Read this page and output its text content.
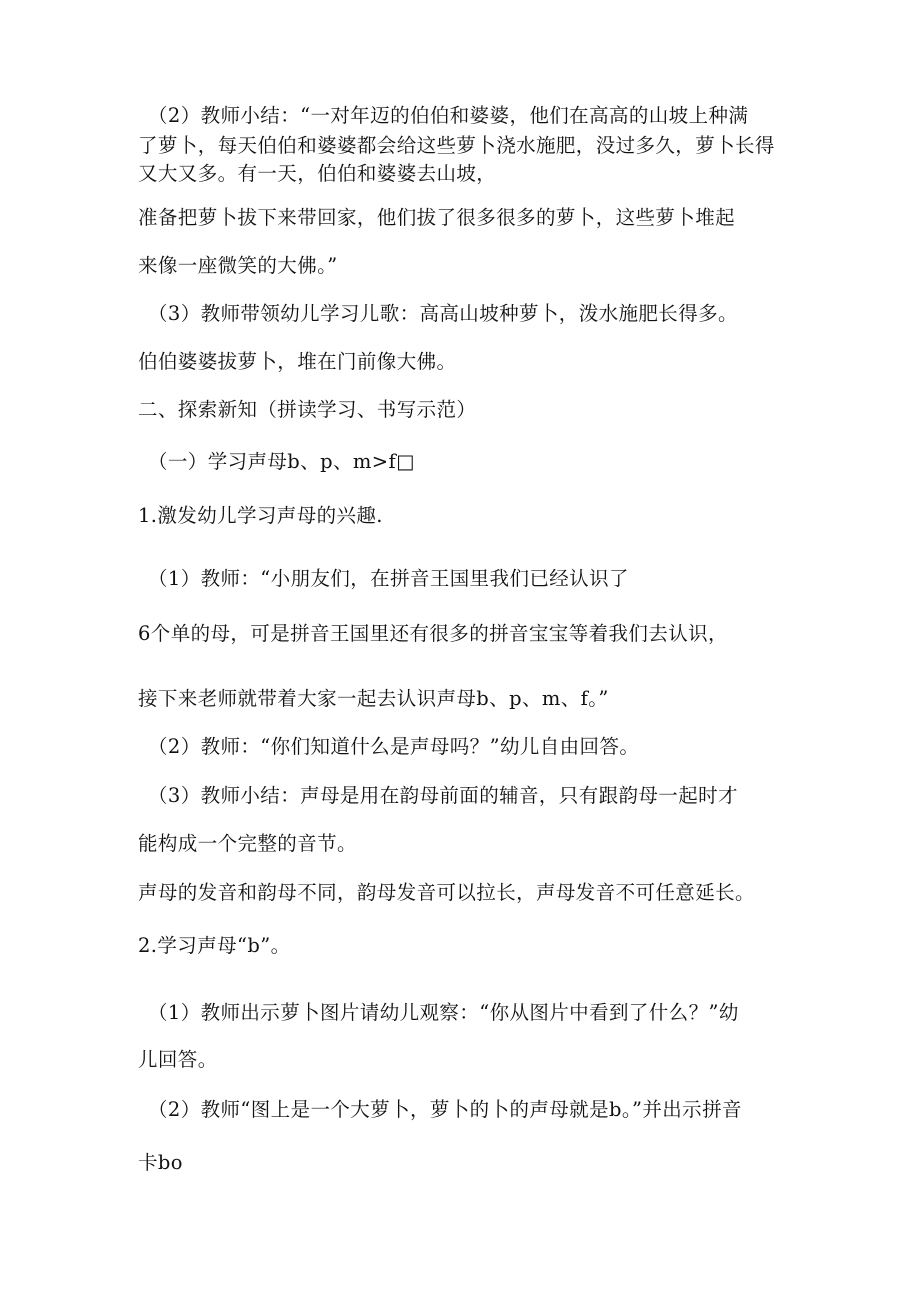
（2）教师小结：“一对年迈的伯伯和婆婆，他们在高高的山坡上种满
了萝卜，每天伯伯和婆婆都会给这些萝卜浇水施肥，没过多久，萝卜长得
又大又多。有一天，伯伯和婆婆去山坡，
准备把萝卜拔下来带回家，他们拔了很多很多的萝卜，这些萝卜堆起
来像一座微笑的大佛。”
（3）教师带领幼儿学习儿歌：高高山坡种萝卜，泼水施肥长得多。
伯伯婆婆拔萝卜，堆在门前像大佛。
二、探索新知（拼读学习、书写示范）
（一）学习声母b、p、m>f□
1.激发幼儿学习声母的兴趣.
（1）教师：“小朋友们，在拼音王国里我们已经认识了
6个单的母，可是拼音王国里还有很多的拼音宝宝等着我们去认识，
接下来老师就带着大家一起去认识声母b、p、m、f。”
（2）教师：“你们知道什么是声母吗？”幼儿自由回答。
（3）教师小结：声母是用在韵母前面的辅音，只有跟韵母一起时才
能构成一个完整的音节。
声母的发音和韵母不同，韵母发音可以拉长，声母发音不可任意延长。
2.学习声母“b”。
（1）教师出示萝卜图片请幼儿观察：“你从图片中看到了什么？”幼
儿回答。
（2）教师“图上是一个大萝卜，萝卜的卜的声母就是b。”并出示拼音
卡bo
